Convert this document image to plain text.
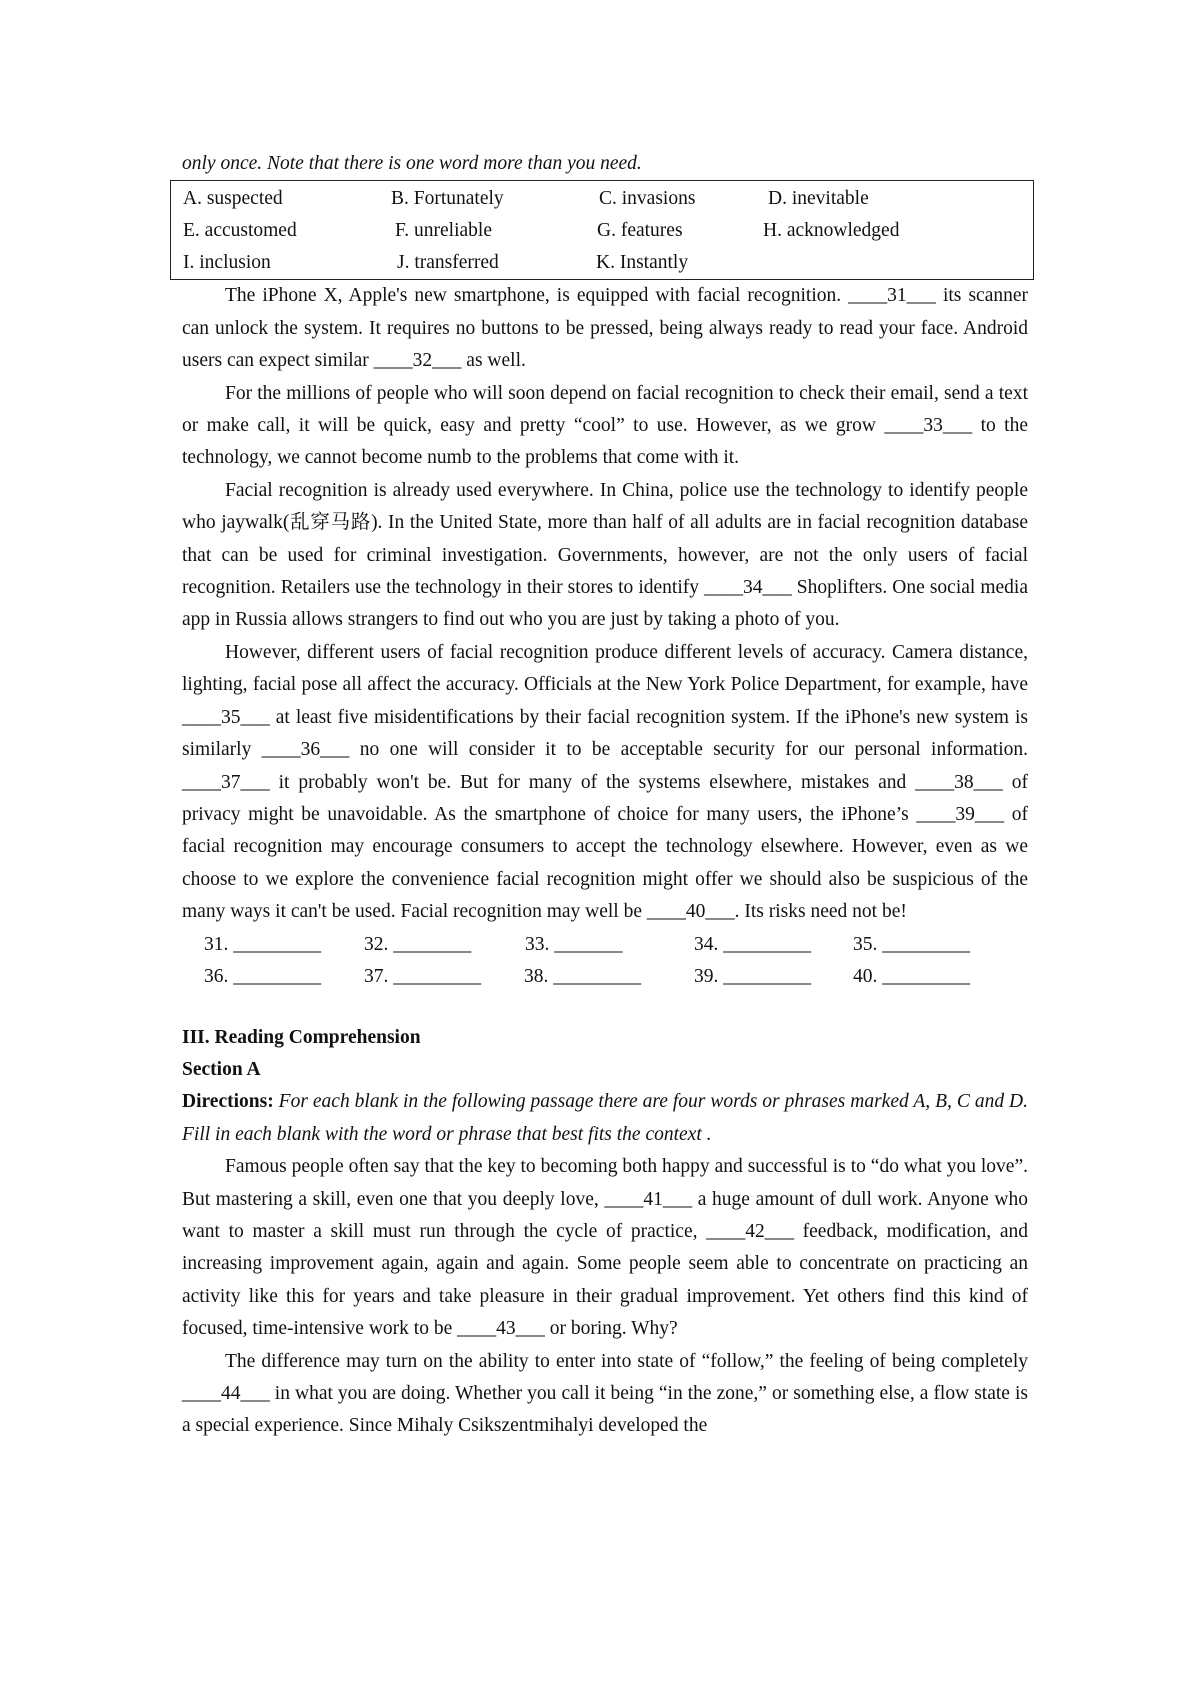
only once. Note that there is one word more than you need.

A. suspected	B. Fortunately	C. invasions	D. inevitable
E. accustomed	F. unreliable	G. features	H. acknowledged
I. inclusion	J. transferred	K. Instantly

The iPhone X, Apple's new smartphone, is equipped with facial recognition. ____31___ its scanner can unlock the system. It requires no buttons to be pressed, being always ready to read your face. Android users can expect similar ____32___ as well.

For the millions of people who will soon depend on facial recognition to check their email, send a text or make call, it will be quick, easy and pretty “cool” to use. However, as we grow ____33___ to the technology, we cannot become numb to the problems that come with it.

Facial recognition is already used everywhere. In China, police use the technology to identify people who jaywalk(乱穿马路). In the United State, more than half of all adults are in facial recognition database that can be used for criminal investigation. Governments, however, are not the only users of facial recognition. Retailers use the technology in their stores to identify ____34___ Shoplifters. One social media app in Russia allows strangers to find out who you are just by taking a photo of you.

However, different users of facial recognition produce different levels of accuracy. Camera distance, lighting, facial pose all affect the accuracy. Officials at the New York Police Department, for example, have ____35___ at least five misidentifications by their facial recognition system. If the iPhone's new system is similarly ____36___ no one will consider it to be acceptable security for our personal information. ____37___ it probably won't be. But for many of the systems elsewhere, mistakes and ____38___ of privacy might be unavoidable. As the smartphone of choice for many users, the iPhone’s ____39___ of facial recognition may encourage consumers to accept the technology elsewhere. However, even as we choose to we explore the convenience facial recognition might offer we should also be suspicious of the many ways it can't be used. Facial recognition may well be ____40___. Its risks need not be!

31. _________ 32. ________	33. _______	34. _________ 35. _________
36. _________ 37. _________ 38. _________	39. _________ 40. _________

III. Reading Comprehension

Section A

Directions: For each blank in the following passage there are four words or phrases marked A, B, C and D. Fill in each blank with the word or phrase that best fits the context .

Famous people often say that the key to becoming both happy and successful is to “do what you love”. But mastering a skill, even one that you deeply love, ____41___ a huge amount of dull work. Anyone who want to master a skill must run through the cycle of practice, ____42___ feedback, modification, and increasing improvement again, again and again. Some people seem able to concentrate on practicing an activity like this for years and take pleasure in their gradual improvement. Yet others find this kind of focused, time-intensive work to be ____43___ or boring. Why?

The difference may turn on the ability to enter into state of “follow,” the feeling of being completely ____44___ in what you are doing. Whether you call it being “in the zone,” or something else, a flow state is a special experience. Since Mihaly Csikszentmihalyi developed the
